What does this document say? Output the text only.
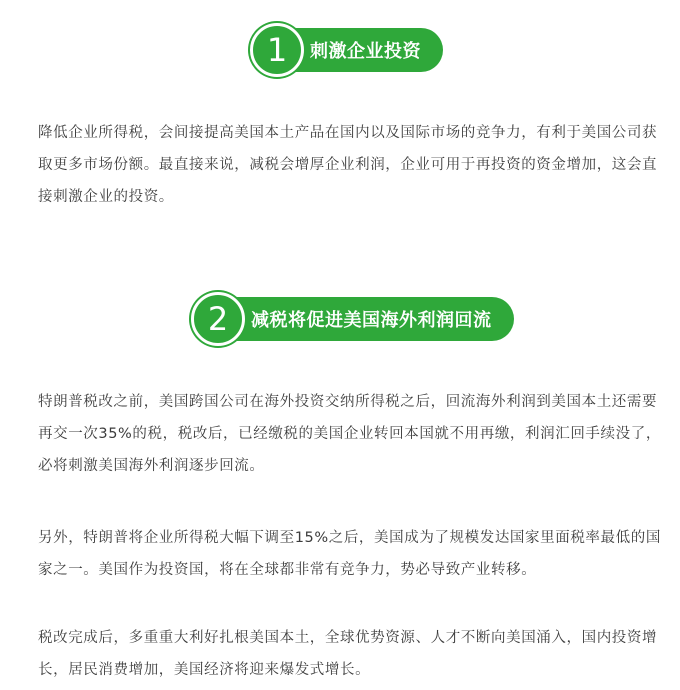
1	刺激企业投资

降低企业所得税，会间接提高美国本土产品在国内以及国际市场的竞争力，有利于美国公司获取更多市场份额。最直接来说，减税会增厚企业利润，企业可用于再投资的资金增加，这会直接刺激企业的投资。

2	减税将促进美国海外利润回流

特朗普税改之前，美国跨国公司在海外投资交纳所得税之后，回流海外利润到美国本土还需要再交一次35%的税，税改后，已经缴税的美国企业转回本国就不用再缴，利润汇回手续没了，必将刺激美国海外利润逐步回流。

另外，特朗普将企业所得税大幅下调至15%之后，美国成为了规模发达国家里面税率最低的国家之一。美国作为投资国，将在全球都非常有竞争力，势必导致产业转移。

税改完成后，多重重大利好扎根美国本土，全球优势资源、人才不断向美国涌入，国内投资增长，居民消费增加，美国经济将迎来爆发式增长。
